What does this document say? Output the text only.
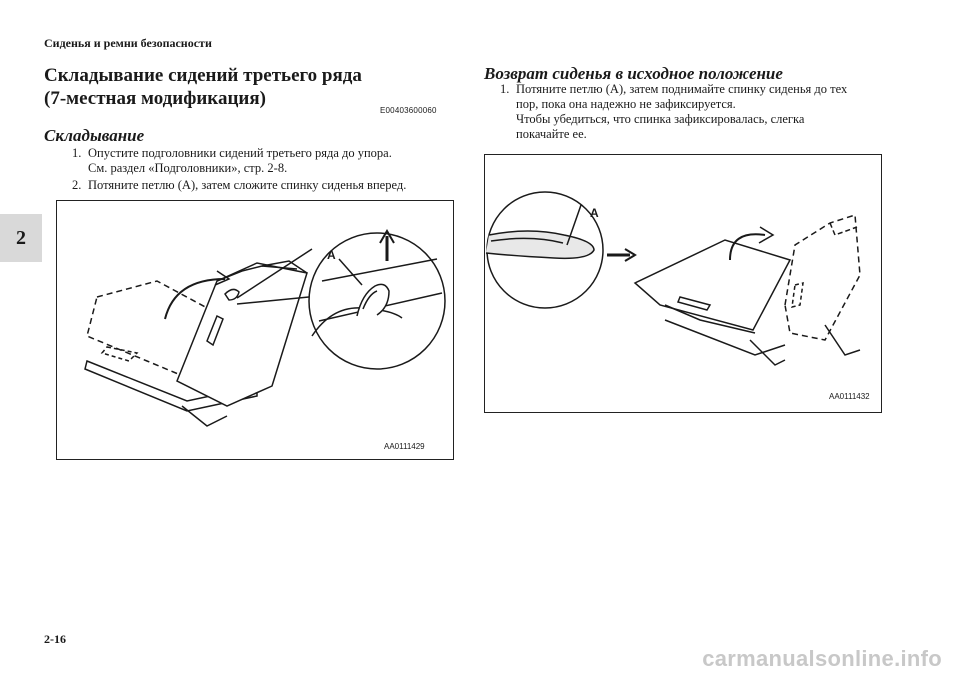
Сиденья и ремни безопасности
2
Складывание сидений третьего ряда
(7-местная модификация)
E00403600060
Складывание
1. Опустите подголовники сидений третьего ряда до упора.
См. раздел «Подголовники», стр. 2-8.
2. Потяните петлю (A), затем сложите спинку сиденья вперед.
A
AA0111429
Возврат сиденья в исходное положение
1. Потяните петлю (A), затем поднимайте спинку сиденья до тех
пор, пока она надежно не зафиксируется.
Чтобы убедиться, что спинка зафиксировалась, слегка
покачайте ее.
A
AA0111432
2-16
carmanualsonline.info
